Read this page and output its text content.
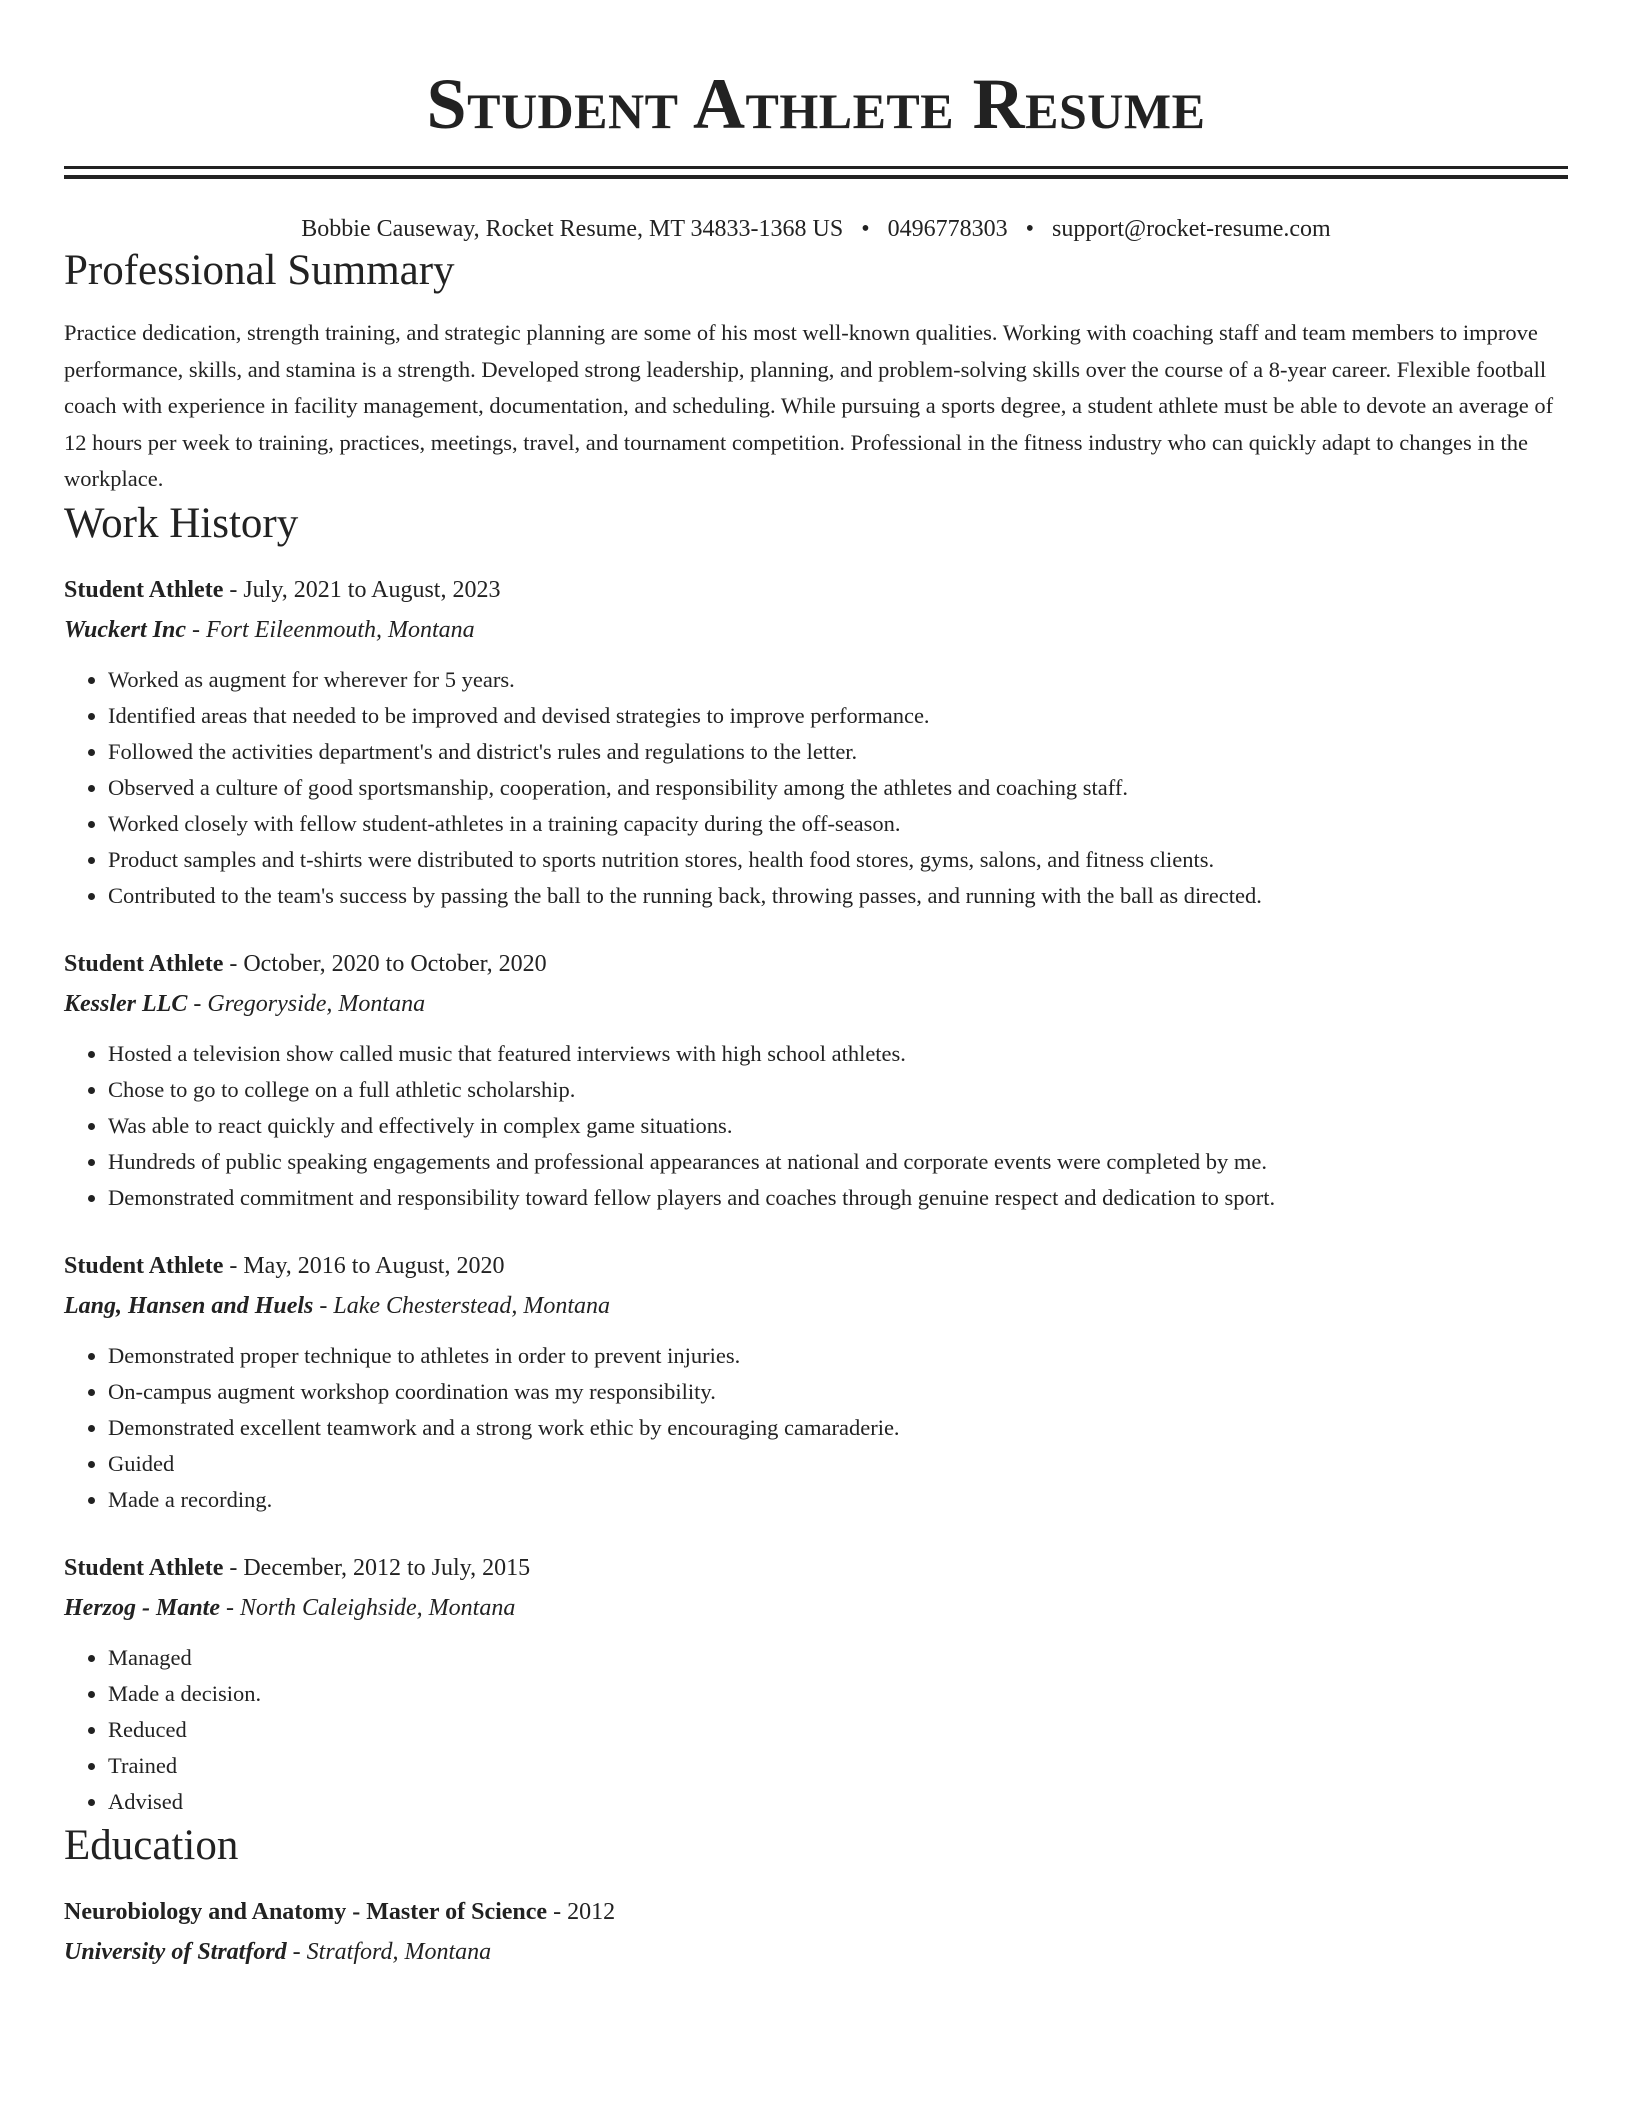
Student Athlete Resume
Bobbie Causeway, Rocket Resume, MT 34833-1368 US • 0496778303 • support@rocket-resume.com
Professional Summary

Practice dedication, strength training, and strategic planning are some of his most well-known qualities. Working with coaching staff and team members to improve performance, skills, and stamina is a strength. Developed strong leadership, planning, and problem-solving skills over the course of a 8-year career. Flexible football coach with experience in facility management, documentation, and scheduling. While pursuing a sports degree, a student athlete must be able to devote an average of 12 hours per week to training, practices, meetings, travel, and tournament competition. Professional in the fitness industry who can quickly adapt to changes in the workplace.

Work History
Student Athlete - July, 2021 to August, 2023
Wuckert Inc - Fort Eileenmouth, Montana
• Worked as augment for wherever for 5 years.
• Identified areas that needed to be improved and devised strategies to improve performance.
• Followed the activities department's and district's rules and regulations to the letter.
• Observed a culture of good sportsmanship, cooperation, and responsibility among the athletes and coaching staff.
• Worked closely with fellow student-athletes in a training capacity during the off-season.
• Product samples and t-shirts were distributed to sports nutrition stores, health food stores, gyms, salons, and fitness clients.
• Contributed to the team's success by passing the ball to the running back, throwing passes, and running with the ball as directed.
Student Athlete - October, 2020 to October, 2020
Kessler LLC - Gregoryside, Montana
• Hosted a television show called music that featured interviews with high school athletes.
• Chose to go to college on a full athletic scholarship.
• Was able to react quickly and effectively in complex game situations.
• Hundreds of public speaking engagements and professional appearances at national and corporate events were completed by me.
• Demonstrated commitment and responsibility toward fellow players and coaches through genuine respect and dedication to sport.
Student Athlete - May, 2016 to August, 2020
Lang, Hansen and Huels - Lake Chesterstead, Montana
• Demonstrated proper technique to athletes in order to prevent injuries.
• On-campus augment workshop coordination was my responsibility.
• Demonstrated excellent teamwork and a strong work ethic by encouraging camaraderie.
• Guided
• Made a recording.
Student Athlete - December, 2012 to July, 2015
Herzog - Mante - North Caleighside, Montana
• Managed
• Made a decision.
• Reduced
• Trained
• Advised
Education
Neurobiology and Anatomy - Master of Science - 2012
University of Stratford - Stratford, Montana
